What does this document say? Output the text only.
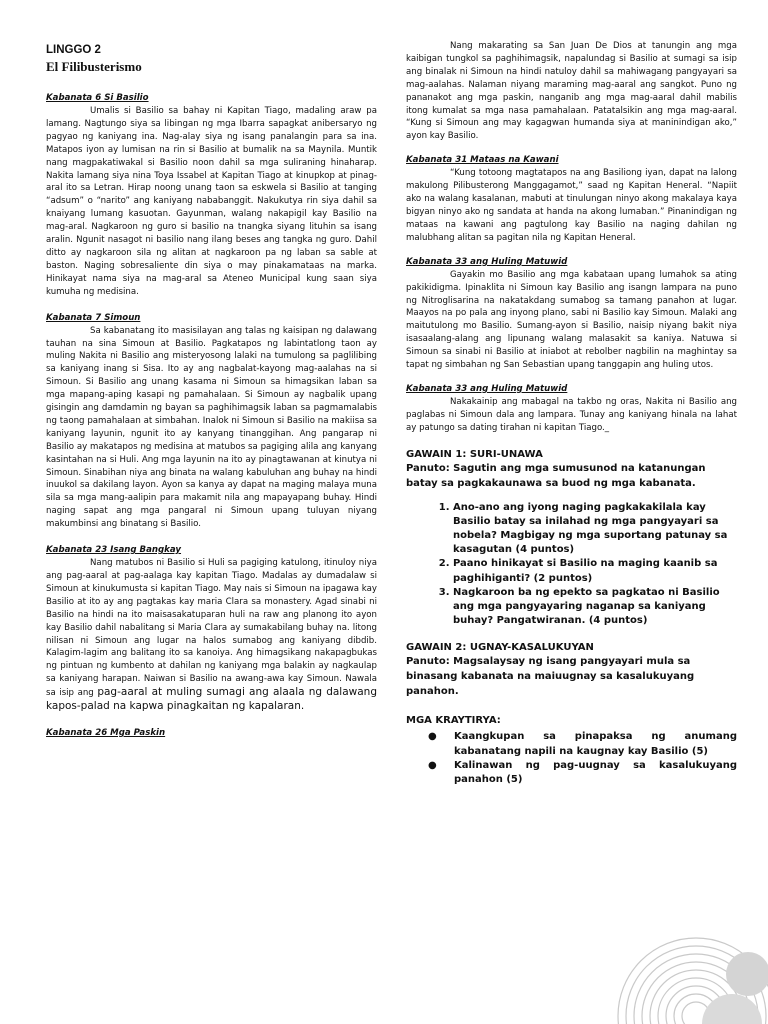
LINGGO 2
El Filibusterismo
Kabanata 6 Si Basilio

Umalis si Basilio sa bahay ni Kapitan Tiago, madaling araw pa lamang. Nagtungo siya sa libingan ng mga Ibarra sapagkat anibersaryo ng pagyao ng kaniyang ina. Nag-alay siya ng isang panalangin para sa ina. Matapos iyon ay lumisan na rin si Basilio at bumalik na sa Maynila. Muntik nang magpakatiwakal si Basilio noon dahil sa mga suliraning hinaharap. Nakita lamang siya nina Toya Issabel at Kapitan Tiago at kinupkop at pinag-aral ito sa Letran. Hirap noong unang taon sa eskwela si Basilio at tanging “adsum” o “narito” ang kaniyang nababanggit. Nakukutya rin siya dahil sa knaiyang lumang kasuotan. Gayunman, walang nakapigil kay Basilio na mag-aral. Nagkaroon ng guro si basilio na tnangka siyang lituhin sa isang aralin. Ngunit nasagot ni basilio nang ilang beses ang tangka ng guro. Dahil ditto ay nagkaroon sila ng alitan at nagkaroon pa ng laban sa sable at baston. Naging sobresaliente din siya o may pinakamataas na marka. Hinikayat nama siya na mag-aral sa Ateneo Municipal kung saan siya kumuha ng medisina.

Kabanata 7 Simoun

Sa kabanatang ito masisilayan ang talas ng kaisipan ng dalawang tauhan na sina Simoun at Basilio. Pagkatapos ng labintatlong taon ay muling Nakita ni Basilio ang misteryosong lalaki na tumulong sa paglilibing sa kaniyang inang si Sisa. Ito ay ang nagbalat-kayong mag-aalahas na si Simoun. Si Basilio ang unang kasama ni Simoun sa himagsikan laban sa mga mapang-aping kasapi ng pamahalaan. Si Simoun ay nagbalik upang gisingin ang damdamin ng bayan sa paghihimagsik laban sa pagmamalabis ng taong pamahalaan at simbahan. Inalok ni Simoun si Basilio na makiisa sa kaniyang layunin, ngunit ito ay kanyang tinanggihan. Ang pangarap ni Basilio ay makatapos ng medisina at matubos sa pagiging alila ang kanyang kasintahan na si Huli. Ang mga layunin na ito ay pinagtawanan at kinutya ni Simoun. Sinabihan niya ang binata na walang kabuluhan ang buhay na hindi inuukol sa dakilang layon. Ayon sa kanya ay dapat na maging malaya muna sila sa mga mang-aalipin para makamit nila ang mapayapang buhay. Hindi naging sapat ang mga pangaral ni Simoun upang tuluyan niyang makumbinsi ang binatang si Basilio.

Kabanata 23 Isang Bangkay

Nang matubos ni Basilio si Huli sa pagiging katulong, itinuloy niya ang pag-aaral at pag-aalaga kay kapitan Tiago. Madalas ay dumadalaw si Simoun at kinukumusta si kapitan Tiago. May nais si Simoun na ipagawa kay Basilio at ito ay ang pagtakas kay maria Clara sa monastery. Agad sinabi ni Basilio na hindi na ito maisasakatuparan huli na raw ang planong ito ayon kay Basilio dahil nabalitang si Maria Clara ay sumakabilang buhay na. litong nilisan ni Simoun ang lugar na halos sumabog ang kaniyang dibdib. Kalagim-lagim ang balitang ito sa kanoiya. Ang himagsikang nakapagbukas ng pintuan ng kumbento at dahilan ng kaniyang mga balakin ay nagkaulap sa kaniyang harapan. Naiwan si Basilio na awang-awa kay Simoun. Nawala sa isip ang pag-aaral at muling sumagi ang alaala ng dalawang kapos-palad na kapwa pinagkaitan ng kapalaran.

Kabanata 26 Mga Paskin

Nang makarating sa San Juan De Dios at tanungin ang mga kaibigan tungkol sa paghihimagsik, napalundag si Basilio at sumagi sa isip ang binalak ni Simoun na hindi natuloy dahil sa mahiwagang pangyayari sa mag-aalahas. Nalaman niyang maraming mag-aaral ang sangkot. Puno ng pananakot ang mga paskin, nanganib ang mga mag-aaral dahil mabilis itong kumalat sa mga nasa pamahalaan. Patatalsikin ang mga mag-aaral. “Kung si Simoun ang may kagagwan humanda siya at maninindigan ako,” ayon kay Basilio.

Kabanata 31 Mataas na Kawani

“Kung totoong magtatapos na ang Basiliong iyan, dapat na lalong makulong Pilibusterong Manggagamot,” saad ng Kapitan Heneral. “Napiit ako na walang kasalanan, mabuti at tinulungan ninyo akong makalaya kaya bigyan ninyo ako ng sandata at handa na akong lumaban.” Pinanindigan ng mataas na kawani ang pagtulong kay Basilio na naging dahilan ng malubhang alitan sa pagitan nila ng Kapitan Heneral.

Kabanata 33 ang Huling Matuwid

Gayakin mo Basilio ang mga kabataan upang lumahok sa ating pakikidigma. Ipinaklita ni Simoun kay Basilio ang isangn lampara na puno ng Nitroglisarina na nakatakdang sumabog sa tamang panahon at lugar. Maayos na po pala ang inyong plano, sabi ni Basilio kay Simoun. Malaki ang maitutulong mo Basilio. Sumang-ayon si Basilio, naisip niyang bakit niya isasaalang-alang ang lipunang walang malasakit sa kaniya. Natuwa si Simoun sa sinabi ni Basilio at iniabot at rebolber nagbilin na maghintay sa tapat ng simbahan ng San Sebastian upang tanggapin ang huling utos.

Kabanata 33 ang Huling Matuwid

Nakakainip ang mabagal na takbo ng oras, Nakita ni Basilio ang paglabas ni Simoun dala ang lampara. Tunay ang kaniyang hinala na lahat ay patungo sa dating tirahan ni kapitan Tiago._

GAWAIN 1: SURI-UNAWA
Panuto: Sagutin ang mga sumusunod na katanungan batay sa pagkakaunawa sa buod ng mga kabanata.
1. Ano-ano ang iyong naging pagkakakilala kay Basilio batay sa inilahad ng mga pangyayari sa nobela? Magbigay ng mga suportang patunay sa kasagutan (4 puntos)
2. Paano hinikayat si Basilio na maging kaanib sa paghihiganti? (2 puntos)
3. Nagkaroon ba ng epekto sa pagkatao ni Basilio ang mga pangyayaring naganap sa kaniyang buhay? Pangatwiranan. (4 puntos)
GAWAIN 2: UGNAY-KASALUKUYAN
Panuto: Magsalaysay ng isang pangyayari mula sa binasang kabanata na maiuugnay sa kasalukuyang panahon.
MGA KRAYTIRYA:
● Kaangkupan sa pinapaksa ng anumang kabanatang napili na kaugnay kay Basilio (5)
● Kalinawan ng pag-uugnay sa kasalukuyang panahon (5)
